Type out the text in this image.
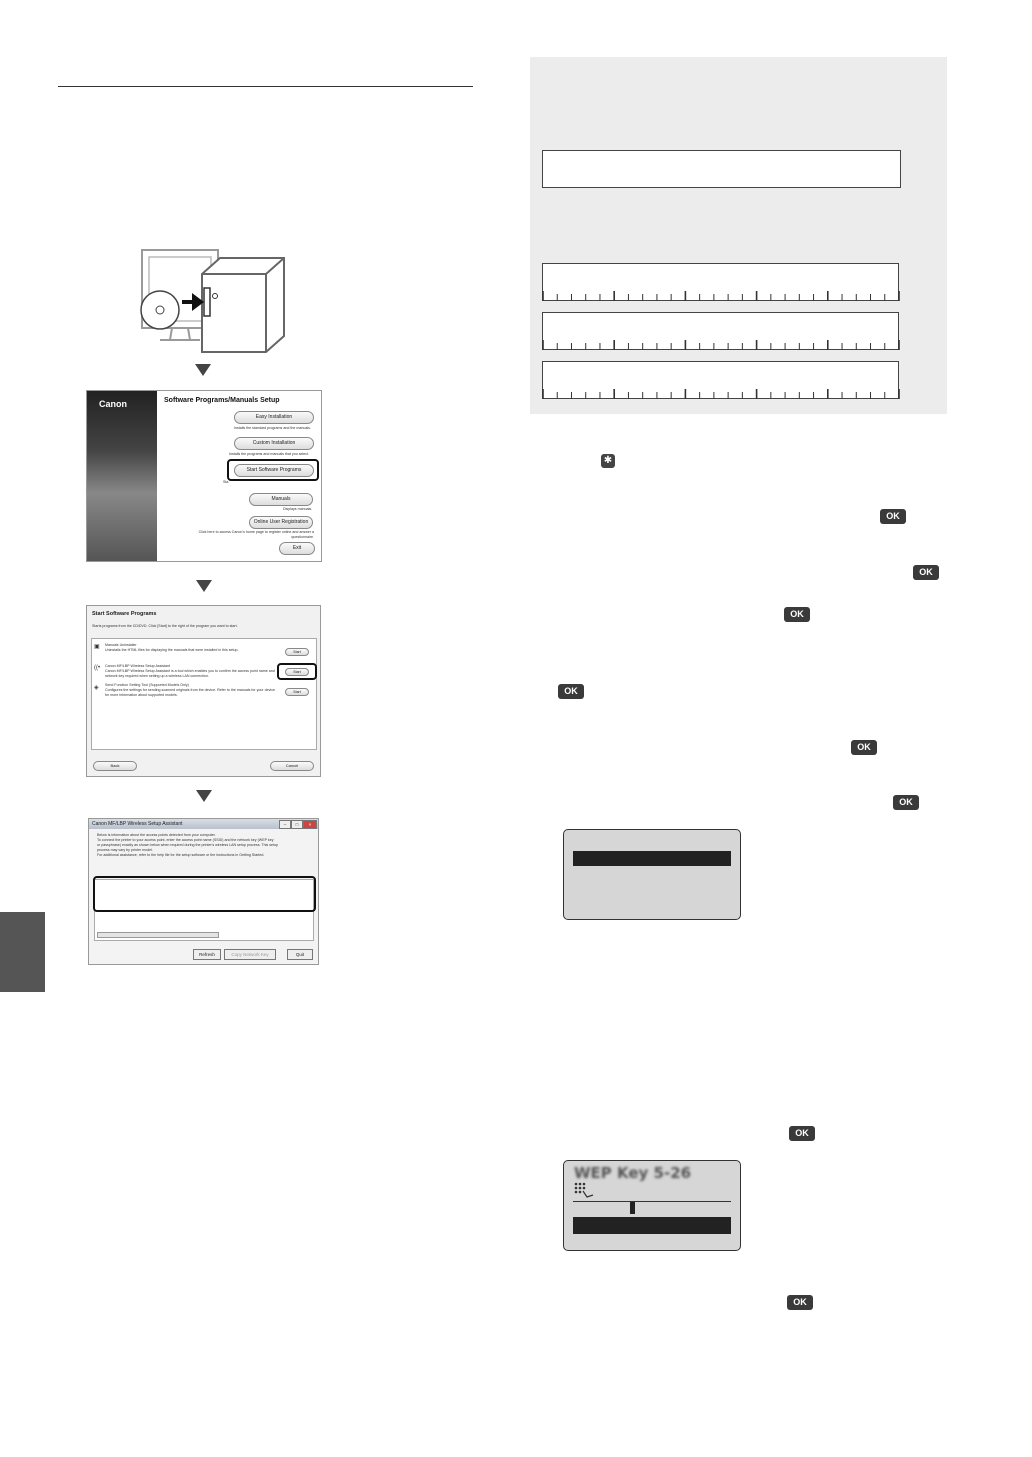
Canon	Software Programs/Manuals Setup
Easy Installation
Installs the standard programs and the manuals.
Custom Installation
Installs the programs and manuals that you select.
Start Software Programs
Sta
Manuals
Displays manuals.
Online User Registration
Click here to access Canon's home page to register online and answer a questionnaire.
Exit
Start Software Programs
Starts programs from the CD/DVD. Click [Start] to the right of the program you want to start.
▣ Manuals Uninstaller
Uninstalls the HTML files for displaying the manuals that were installed in this setup.	Start
((• Canon MF/LBP Wireless Setup Assistant
Canon MF/LBP Wireless Setup Assistant is a tool which enables you to confirm the access point name and network key required when setting up a wireless LAN connection.
Start
◈ Send Function Setting Tool (Supported Models Only)
Configures the settings for sending scanned originals from the device. Refer to the manuals for your device for more information about supported models.
Start
Back	Cancel
Canon MF/LBP Wireless Setup Assistant	–	□	×
Below is information about the access points detected from your computer.
To connect the printer to your access point, enter the access point name (SSID) and the network key (WEP key
or passphrase) exactly as shown below when required during the printer's wireless LAN setup process. This setup
process may vary by printer model.
For additional assistance, refer to the help file for the setup software or the instructions in Getting Started.
Refresh	Copy Network Key	Quit
✱
OK
OK
OK
OK
OK
OK
OK
WEP Key 5-26
OK
